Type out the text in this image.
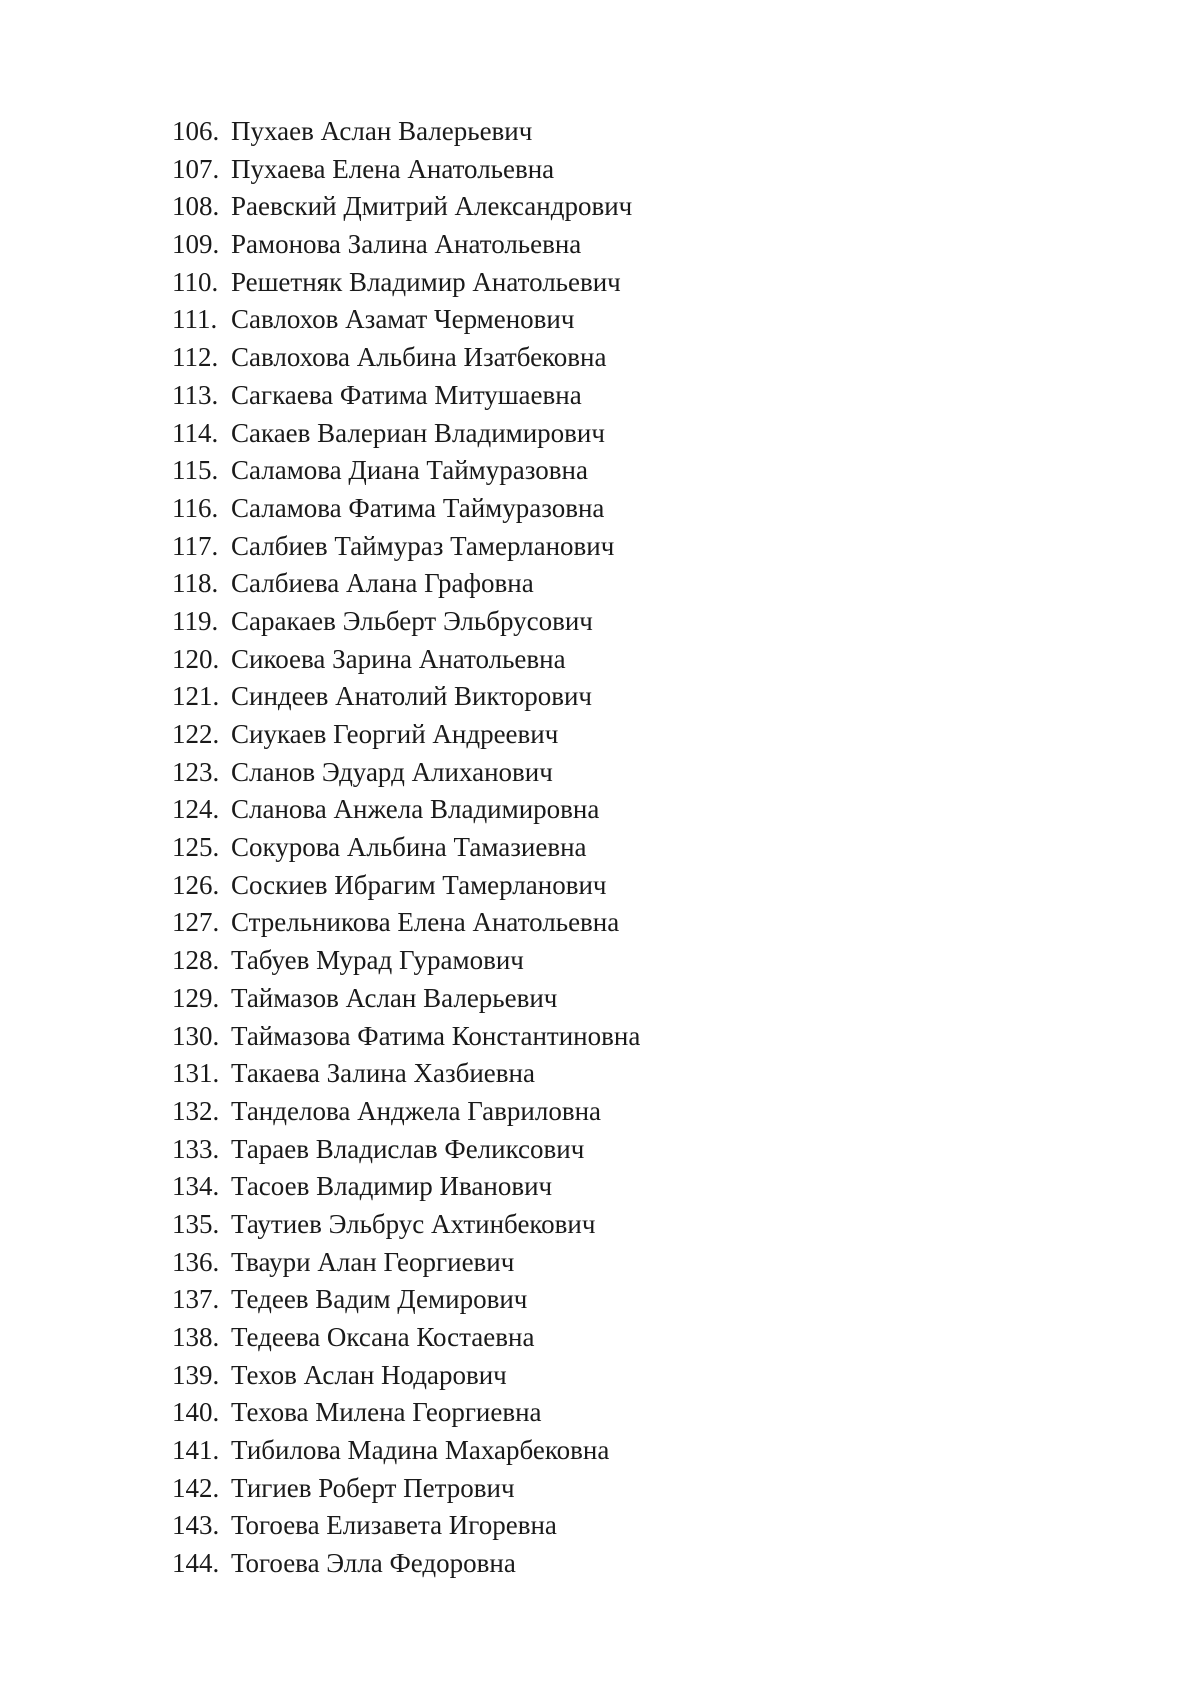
106. Пухаев Аслан Валерьевич
107. Пухаева Елена Анатольевна
108. Раевский Дмитрий Александрович
109. Рамонова Залина Анатольевна
110. Решетняк Владимир Анатольевич
111. Савлохов Азамат Черменович
112. Савлохова Альбина Изатбековна
113. Сагкаева Фатима Митушаевна
114. Сакаев Валериан Владимирович
115. Саламова Диана Таймуразовна
116. Саламова Фатима Таймуразовна
117. Салбиев Таймураз Тамерланович
118. Салбиева Алана Графовна
119. Саракаев Эльберт Эльбрусович
120. Сикоева Зарина Анатольевна
121. Синдеев Анатолий Викторович
122. Сиукаев Георгий Андреевич
123. Сланов Эдуард Алиханович
124. Сланова Анжела Владимировна
125. Сокурова Альбина Тамазиевна
126. Соскиев Ибрагим Тамерланович
127. Стрельникова Елена Анатольевна
128. Табуев Мурад Гурамович
129. Таймазов Аслан Валерьевич
130. Таймазова Фатима Константиновна
131. Такаева Залина Хазбиевна
132. Танделова Анджела Гавриловна
133. Тараев Владислав Феликсович
134. Тасоев Владимир Иванович
135. Таутиев Эльбрус Ахтинбекович
136. Тваури Алан Георгиевич
137. Тедеев Вадим Демирович
138. Тедеева Оксана Костаевна
139. Техов Аслан Нодарович
140. Техова Милена Георгиевна
141. Тибилова Мадина Махарбековна
142. Тигиев Роберт Петрович
143. Тогоева Елизавета Игоревна
144. Тогоева Элла Федоровна
